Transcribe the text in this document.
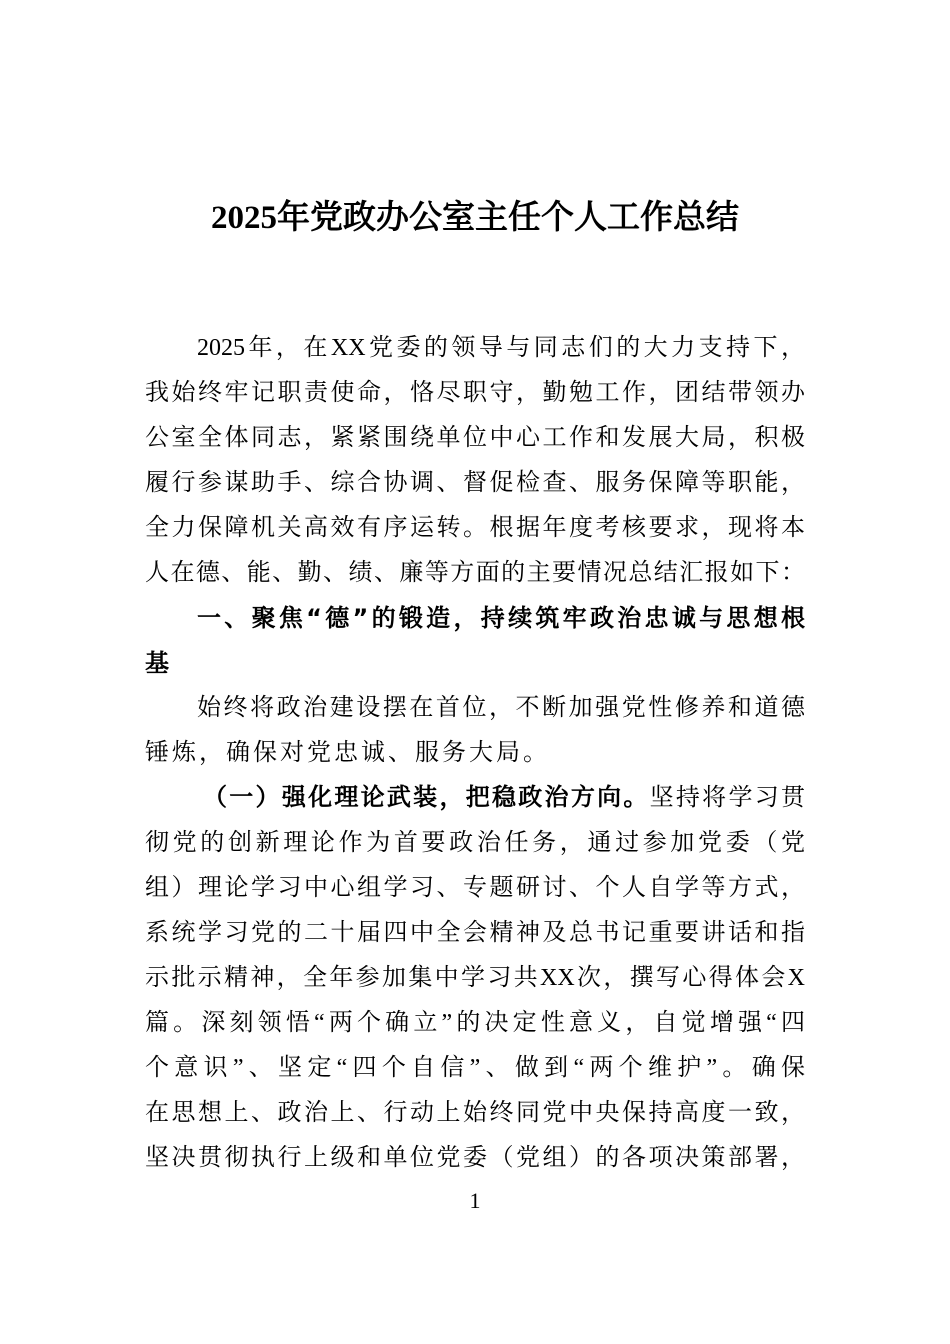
2025年党政办公室主任个人工作总结
2025年，在XX党委的领导与同志们的大力支持下，
我始终牢记职责使命，恪尽职守，勤勉工作，团结带领办
公室全体同志，紧紧围绕单位中心工作和发展大局，积极
履行参谋助手、综合协调、督促检查、服务保障等职能，
全力保障机关高效有序运转。根据年度考核要求，现将本
人在德、能、勤、绩、廉等方面的主要情况总结汇报如下：
一、聚焦“德”的锻造，持续筑牢政治忠诚与思想根
基
始终将政治建设摆在首位，不断加强党性修养和道德
锤炼，确保对党忠诚、服务大局。
（一）强化理论武装，把稳政治方向。坚持将学习贯
彻党的创新理论作为首要政治任务，通过参加党委（党
组）理论学习中心组学习、专题研讨、个人自学等方式，
系统学习党的二十届四中全会精神及总书记重要讲话和指
示批示精神，全年参加集中学习共XX次，撰写心得体会X
篇。深刻领悟“两个确立”的决定性意义，自觉增强“四
个意识”、坚定“四个自信”、做到“两个维护”。确保
在思想上、政治上、行动上始终同党中央保持高度一致，
坚决贯彻执行上级和单位党委（党组）的各项决策部署，
1
